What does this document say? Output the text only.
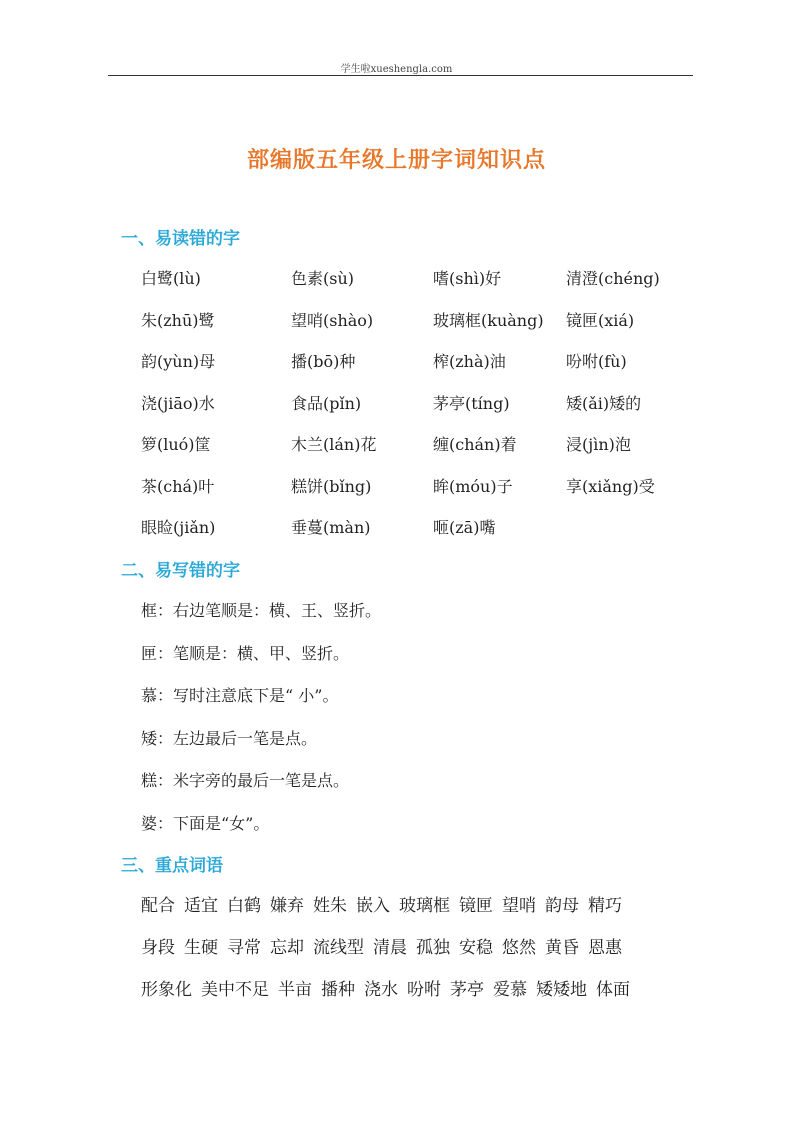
学生啦xueshengla.com
部编版五年级上册字词知识点
一、易读错的字
白鹭(lù)	色素(sù)	嗜(shì)好	清澄(chéng)
朱(zhū)鹭	望哨(shào)	玻璃框(kuàng) 镜匣(xiá)
韵(yùn)母	播(bō)种	榨(zhà)油	吩咐(fù)
浇(jiāo)水	食品(pǐn)	茅亭(tíng)	矮(ǎi)矮的
箩(luó)筐	木兰(lán)花	缠(chán)着	浸(jìn)泡
茶(chá)叶	糕饼(bǐng)	眸(móu)子	享(xiǎng)受
眼睑(jiǎn)	垂蔓(màn)	咂(zā)嘴
二、易写错的字
框：右边笔顺是：横、王、竖折。
匣：笔顺是：横、甲、竖折。
慕：写时注意底下是“ 小”。
矮：左边最后一笔是点。
糕：米字旁的最后一笔是点。
婆：下面是“女”。
三、重点词语
配合 适宜 白鹤 嫌弃 姓朱 嵌入 玻璃框 镜匣 望哨 韵母 精巧
身段 生硬 寻常 忘却 流线型 清晨 孤独 安稳 悠然 黄昏 恩惠
形象化 美中不足 半亩 播种 浇水 吩咐 茅亭 爱慕 矮矮地 体面
